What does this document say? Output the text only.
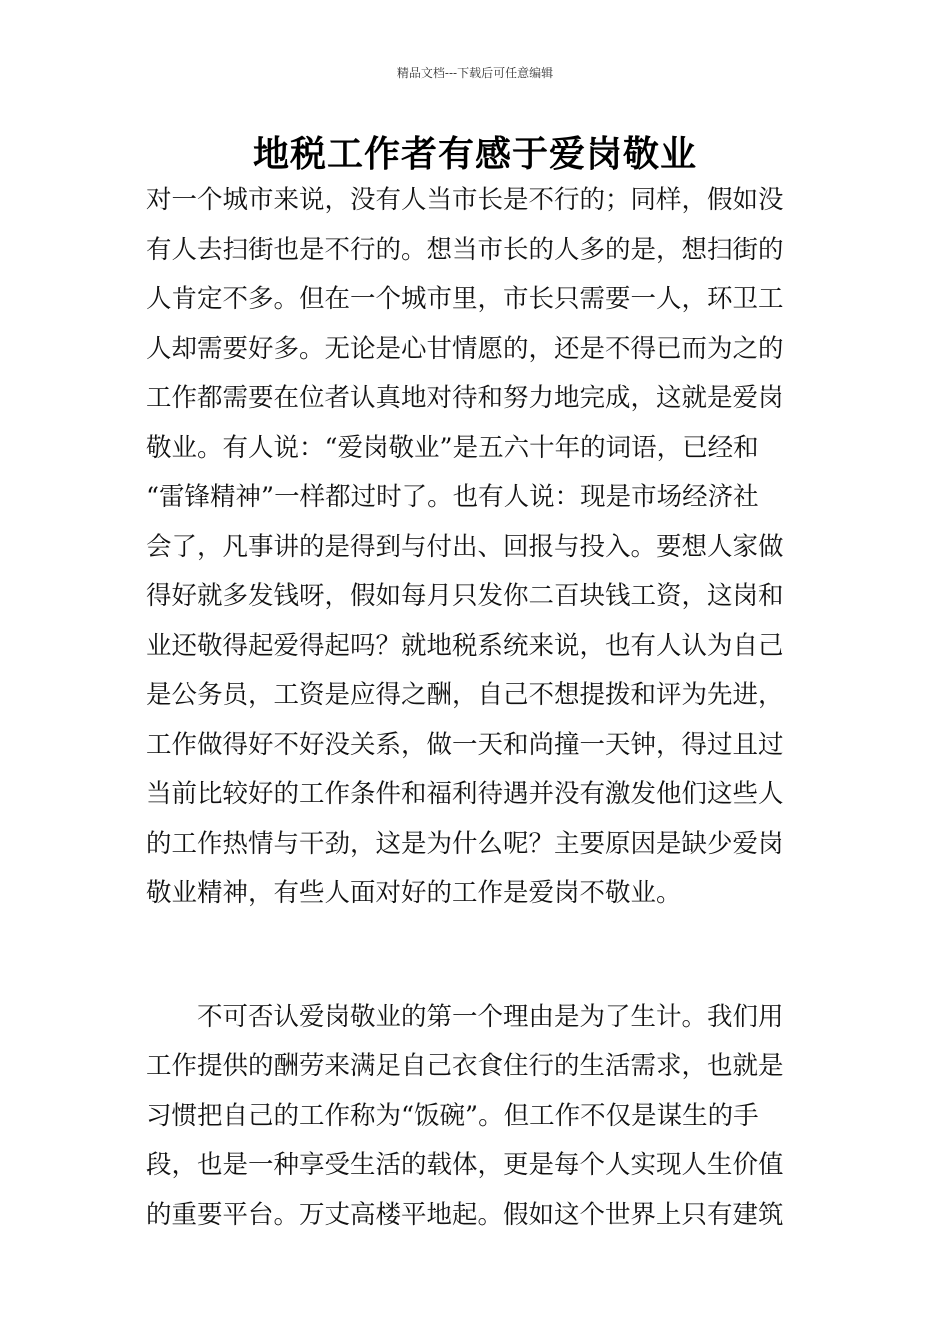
精品文档---下载后可任意编辑
地税工作者有感于爱岗敬业
对一个城市来说，没有人当市长是不行的；同样，假如没
有人去扫街也是不行的。想当市长的人多的是，想扫街的
人肯定不多。但在一个城市里，市长只需要一人，环卫工
人却需要好多。无论是心甘情愿的，还是不得已而为之的
工作都需要在位者认真地对待和努力地完成，这就是爱岗
敬业。有人说：“爱岗敬业”是五六十年的词语，已经和
“雷锋精神”一样都过时了。也有人说：现是市场经济社
会了，凡事讲的是得到与付出、回报与投入。要想人家做
得好就多发钱呀，假如每月只发你二百块钱工资，这岗和
业还敬得起爱得起吗？就地税系统来说，也有人认为自己
是公务员，工资是应得之酬，自己不想提拨和评为先进，
工作做得好不好没关系，做一天和尚撞一天钟，得过且过
当前比较好的工作条件和福利待遇并没有激发他们这些人
的工作热情与干劲，这是为什么呢？主要原因是缺少爱岗
敬业精神，有些人面对好的工作是爱岗不敬业。
　　不可否认爱岗敬业的第一个理由是为了生计。我们用
工作提供的酬劳来满足自己衣食住行的生活需求，也就是
习惯把自己的工作称为“饭碗”。但工作不仅是谋生的手
段，也是一种享受生活的载体，更是每个人实现人生价值
的重要平台。万丈高楼平地起。假如这个世界上只有建筑
